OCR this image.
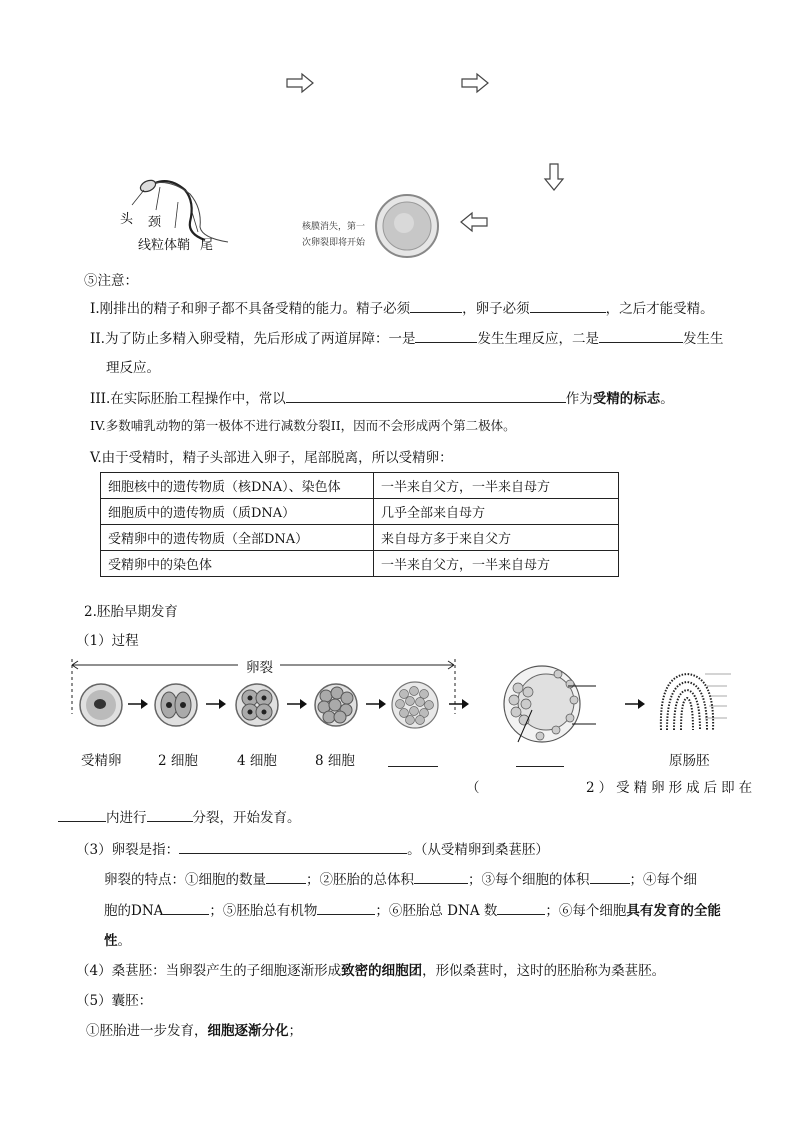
头 颈
线粒体鞘 尾
核膜消失，第一
次卵裂即将开始
⑤注意：
I.刚排出的精子和卵子都不具备受精的能力。精子必须	，卵子必须	，之后才能受精。
II.为了防止多精入卵受精，先后形成了两道屏障：一是	发生生理反应，二是	发生生
理反应。
III.在实际胚胎工程操作中，常以	作为受精的标志。
IV.多数哺乳动物的第一极体不进行减数分裂II，因而不会形成两个第二极体。
V.由于受精时，精子头部进入卵子，尾部脱离，所以受精卵：
细胞核中的遗传物质（核DNA）、染色体	一半来自父方，一半来自母方
细胞质中的遗传物质（质DNA）	几乎全部来自母方
受精卵中的遗传物质（全部DNA）	来自母方多于来自父方
受精卵中的染色体	一半来自父方，一半来自母方
2.胚胎早期发育
（1）过程
卵裂
受精卵	2 细胞	4 细胞	8 细胞	原肠胚
（	2）受精卵形成后即在
内进行	分裂，开始发育。
（3）卵裂是指：	。（从受精卵到桑葚胚）
卵裂的特点：①细胞的数量	；②胚胎的总体积	；③每个细胞的体积	；④每个细
胞的DNA	；⑤胚胎总有机物	；⑥胚胎总 DNA 数	；⑥每个细胞具有发育的全能
性。
（4）桑葚胚：当卵裂产生的子细胞逐渐形成致密的细胞团，形似桑葚时，这时的胚胎称为桑葚胚。
（5）囊胚：
①胚胎进一步发育，细胞逐渐分化；
